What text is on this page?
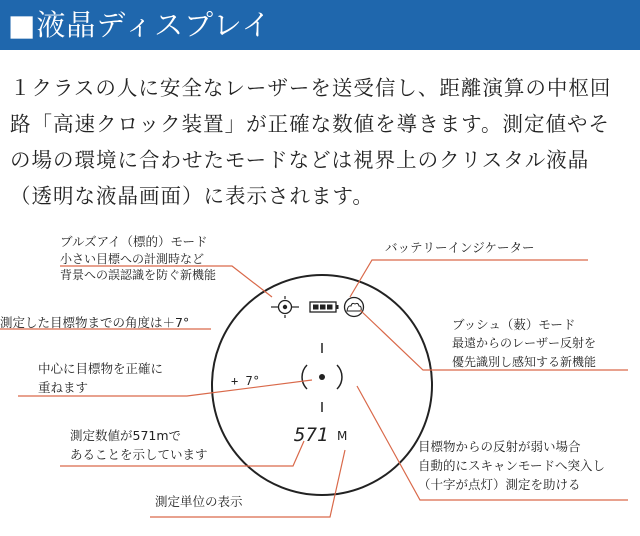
■液晶ディスプレイ
１クラスの人に安全なレーザーを送受信し、距離演算の中枢回
路「高速クロック装置」が正確な数値を導きます。測定値やそ
の場の環境に合わせたモードなどは視界上のクリスタル液晶
（透明な液晶画面）に表示されます。
+ 7°
571 M
ブルズアイ（標的）モード
小さい目標への計測時など
背景への誤認識を防ぐ新機能
測定した目標物までの角度は＋7°
中心に目標物を正確に
重ねます
測定数値が571mで
あることを示しています
測定単位の表示
バッテリーインジケーター
ブッシュ（薮）モード
最遠からのレーザー反射を
優先識別し感知する新機能
目標物からの反射が弱い場合
自動的にスキャンモードへ突入し
（十字が点灯）測定を助ける
